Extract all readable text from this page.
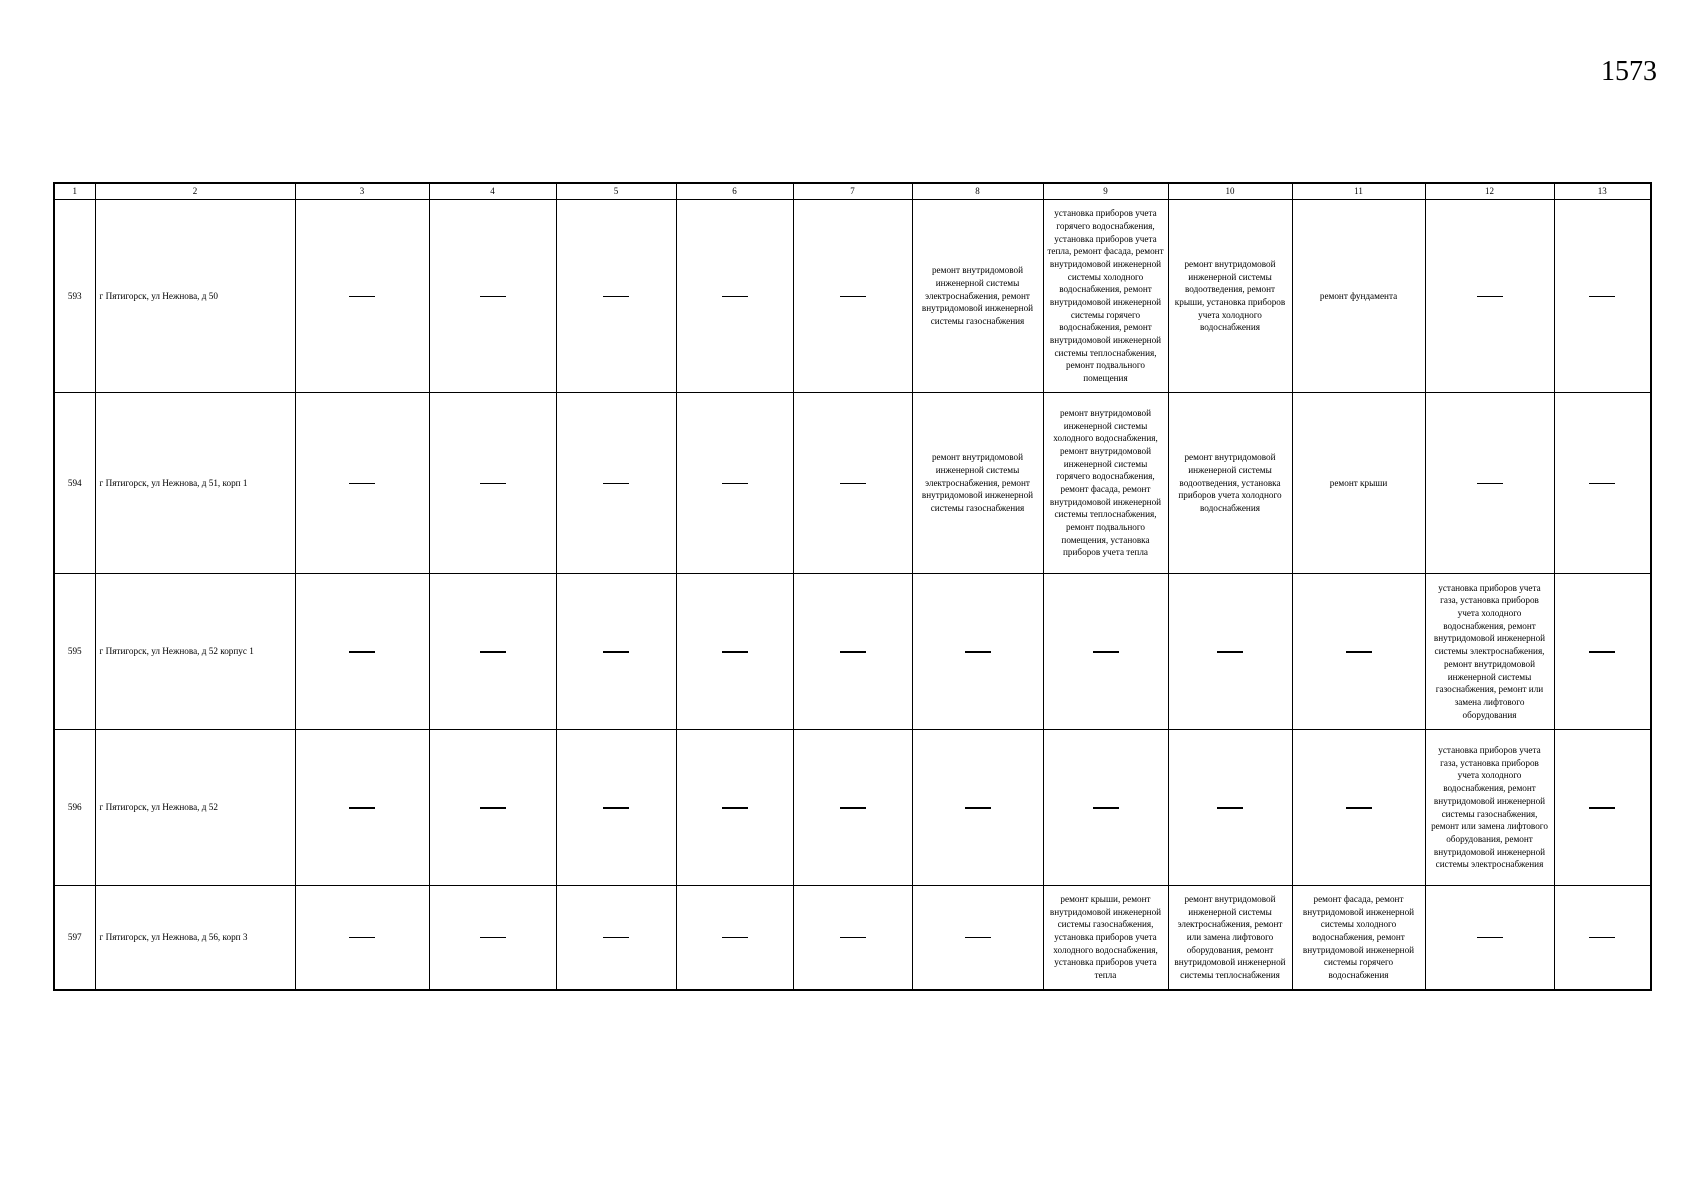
1573
1	2	3	4	5	6	7	8	9	10	11	12	13
593	г Пятигорск, ул Нежнова, д 50						ремонт внутридомовой инженерной системы электроснабжения, ремонт внутридомовой инженерной системы газоснабжения	установка приборов учета горячего водоснабжения, установка приборов учета тепла, ремонт фасада, ремонт внутридомовой инженерной системы холодного водоснабжения, ремонт внутридомовой инженерной системы горячего водоснабжения, ремонт внутридомовой инженерной системы теплоснабжения, ремонт подвального помещения	ремонт внутридомовой инженерной системы водоотведения, ремонт крыши, установка приборов учета холодного водоснабжения	ремонт фундамента		
594	г Пятигорск, ул Нежнова, д 51, корп 1						ремонт внутридомовой инженерной системы электроснабжения, ремонт внутридомовой инженерной системы газоснабжения	ремонт внутридомовой инженерной системы холодного водоснабжения, ремонт внутридомовой инженерной системы горячего водоснабжения, ремонт фасада, ремонт внутридомовой инженерной системы теплоснабжения, ремонт подвального помещения, установка приборов учета тепла	ремонт внутридомовой инженерной системы водоотведения, установка приборов учета холодного водоснабжения	ремонт крыши		
595	г Пятигорск, ул Нежнова, д 52 корпус 1										установка приборов учета газа, установка приборов учета холодного водоснабжения, ремонт внутридомовой инженерной системы электроснабжения, ремонт внутридомовой инженерной системы газоснабжения, ремонт или замена лифтового оборудования	
596	г Пятигорск, ул Нежнова, д 52										установка приборов учета газа, установка приборов учета холодного водоснабжения, ремонт внутридомовой инженерной системы газоснабжения, ремонт или замена лифтового оборудования, ремонт внутридомовой инженерной системы электроснабжения	
597	г Пятигорск, ул Нежнова, д 56, корп 3							ремонт крыши, ремонт внутридомовой инженерной системы газоснабжения, установка приборов учета холодного водоснабжения, установка приборов учета тепла	ремонт внутридомовой инженерной системы электроснабжения, ремонт или замена лифтового оборудования, ремонт внутридомовой инженерной системы теплоснабжения	ремонт фасада, ремонт внутридомовой инженерной системы холодного водоснабжения, ремонт внутридомовой инженерной системы горячего водоснабжения		
